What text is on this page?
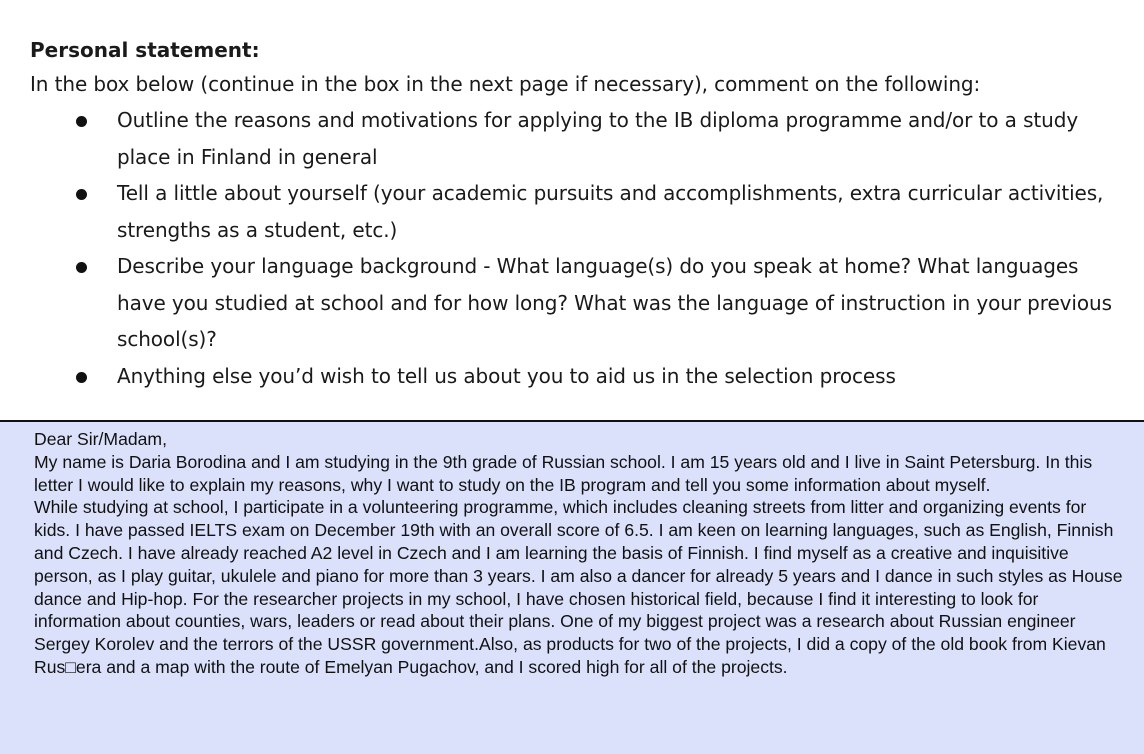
Personal statement:

In the box below (continue in the box in the next page if necessary), comment on the following:

Outline the reasons and motivations for applying to the IB diploma programme and/or to a study place in Finland in general
Tell a little about yourself (your academic pursuits and accomplishments, extra curricular activities, strengths as a student, etc.)
Describe your language background - What language(s) do you speak at home? What languages have you studied at school and for how long? What was the language of instruction in your previous school(s)?
Anything else you’d wish to tell us about you to aid us in the selection process

Dear Sir/Madam,

My name is Daria Borodina and I am studying in the 9th grade of Russian school. I am 15 years old and I live in Saint Petersburg. In this letter I would like to explain my reasons, why I want to study on the IB program and tell you some information about myself.

While studying at school, I participate in a volunteering programme, which includes cleaning streets from litter and organizing events for kids. I have passed IELTS exam on December 19th with an overall score of 6.5. I am keen on learning languages, such as English, Finnish and Czech. I have already reached A2 level in Czech and I am learning the basis of Finnish. I find myself as a creative and inquisitive person, as I play guitar, ukulele and piano for more than 3 years. I am also a dancer for already 5 years and I dance in such styles as House dance and Hip-hop. For the researcher projects in my school, I have chosen historical field, because I find it interesting to look for information about counties, wars, leaders or read about their plans. One of my biggest project was a research about Russian engineer Sergey Korolev and the terrors of the USSR government.Also, as products for two of the projects, I did a copy of the old book from Kievan Rus□era and a map with the route of Emelyan Pugachov, and I scored high for all of the projects.
